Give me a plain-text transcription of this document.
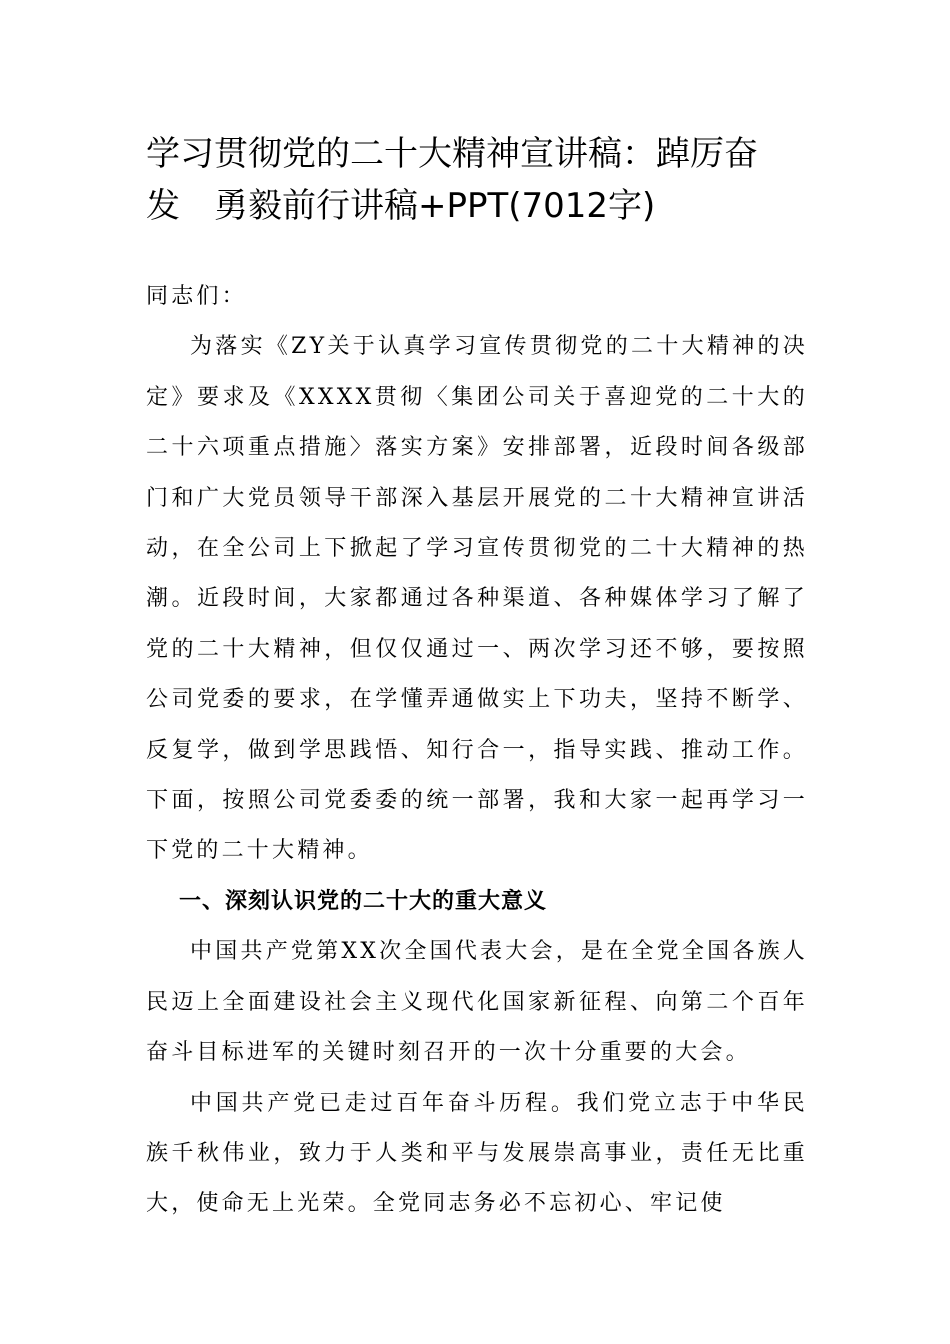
学习贯彻党的二十大精神宣讲稿：踔厉奋
发 勇毅前行讲稿+PPT(7012字)

同志们：

为落实《ZY关于认真学习宣传贯彻党的二十大精神的决定》要求及《XXXX贯彻〈集团公司关于喜迎党的二十大的二十六项重点措施〉落实方案》安排部署，近段时间各级部门和广大党员领导干部深入基层开展党的二十大精神宣讲活动，在全公司上下掀起了学习宣传贯彻党的二十大精神的热潮。近段时间，大家都通过各种渠道、各种媒体学习了解了党的二十大精神，但仅仅通过一、两次学习还不够，要按照公司党委的要求，在学懂弄通做实上下功夫，坚持不断学、反复学，做到学思践悟、知行合一，指导实践、推动工作。下面，按照公司党委委的统一部署，我和大家一起再学习一下党的二十大精神。

一、深刻认识党的二十大的重大意义

中国共产党第XX次全国代表大会，是在全党全国各族人民迈上全面建设社会主义现代化国家新征程、向第二个百年奋斗目标进军的关键时刻召开的一次十分重要的大会。

中国共产党已走过百年奋斗历程。我们党立志于中华民族千秋伟业，致力于人类和平与发展崇高事业，责任无比重大，使命无上光荣。全党同志务必不忘初心、牢记使
